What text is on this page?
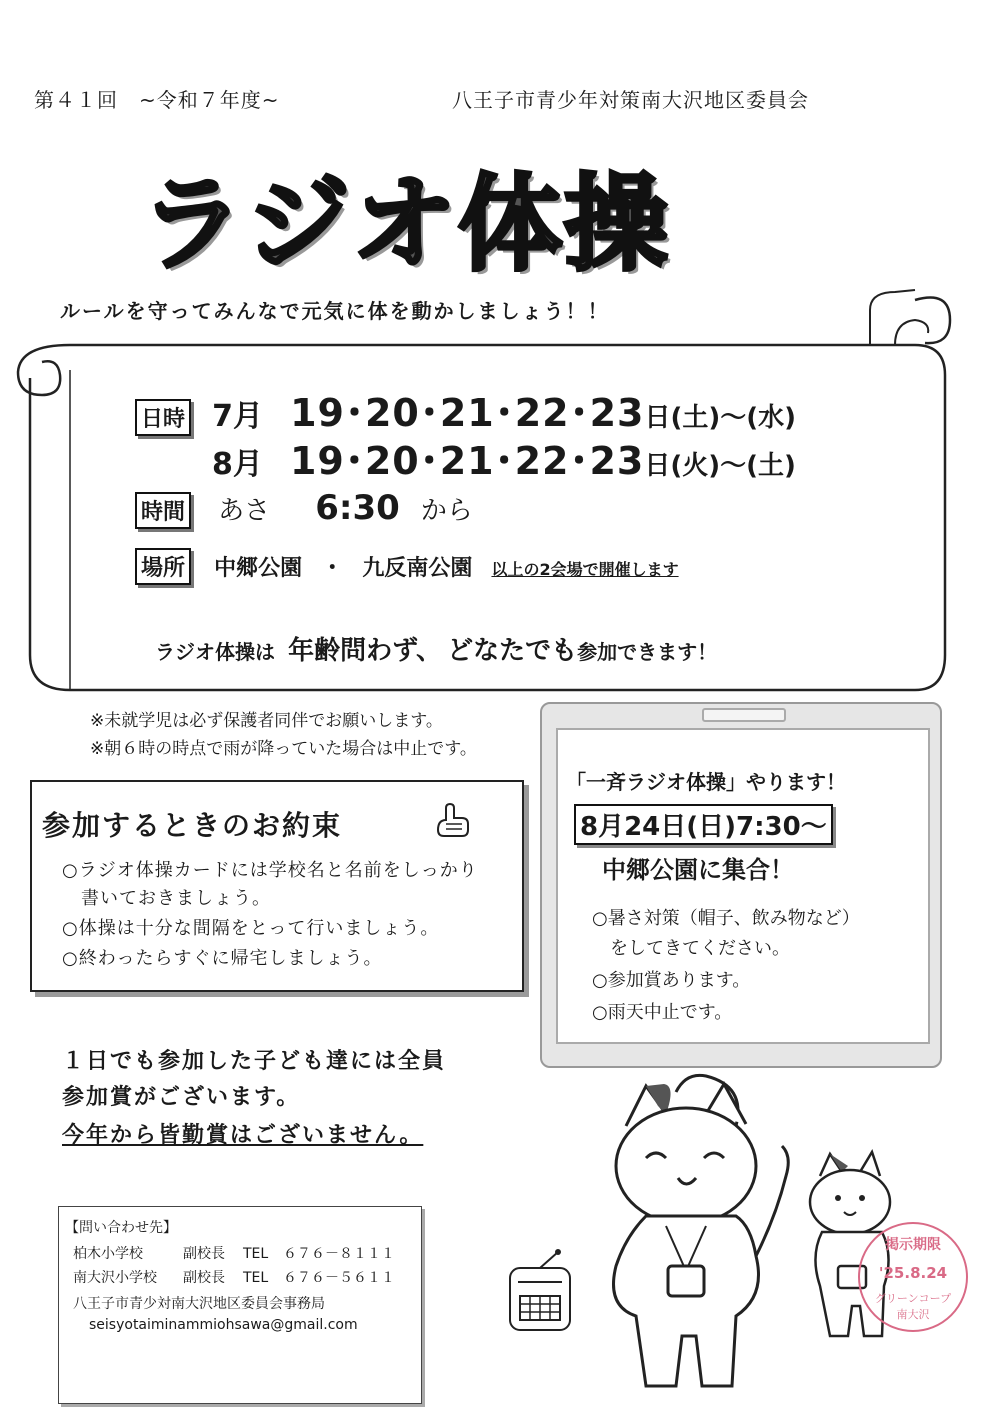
第４１回　~令和７年度~	八王子市青少年対策南大沢地区委員会
ラジオ体操
ルールを守ってみんなで元気に体を動かしましょう！！
日時 7月 19･20･21･22･23日(土)～(水)
8月 19･20･21･22･23日(火)～(土)
時間 あさ 6:30 から
場所 中郷公園 ・ 九反南公園 以上の2会場で開催します
ラジオ体操は 年齢問わず、 どなたでも参加できます！
※未就学児は必ず保護者同伴でお願いします。
※朝６時の時点で雨が降っていた場合は中止です。
参加するときのお約束
○ラジオ体操カードには学校名と名前をしっかり
　書いておきましょう。
○体操は十分な間隔をとって行いましょう。
○終わったらすぐに帰宅しましょう。
「一斉ラジオ体操」やります！
8月24日(日)7:30～
中郷公園に集合！
○暑さ対策（帽子、飲み物など）
　をしてきてください。
○参加賞あります。
○雨天中止です。
１日でも参加した子ども達には全員
参加賞がございます。
今年から皆勤賞はございません。
【問い合わせ先】
柏木小学校	副校長 TEL ６７６－８１１１
南大沢小学校 副校長 TEL ６７６－５６１１
八王子市青少対南大沢地区委員会事務局
seisyotaiminammiohsawa@gmail.com
掲示期限
'25.8.24
グリーンコープ
南大沢
